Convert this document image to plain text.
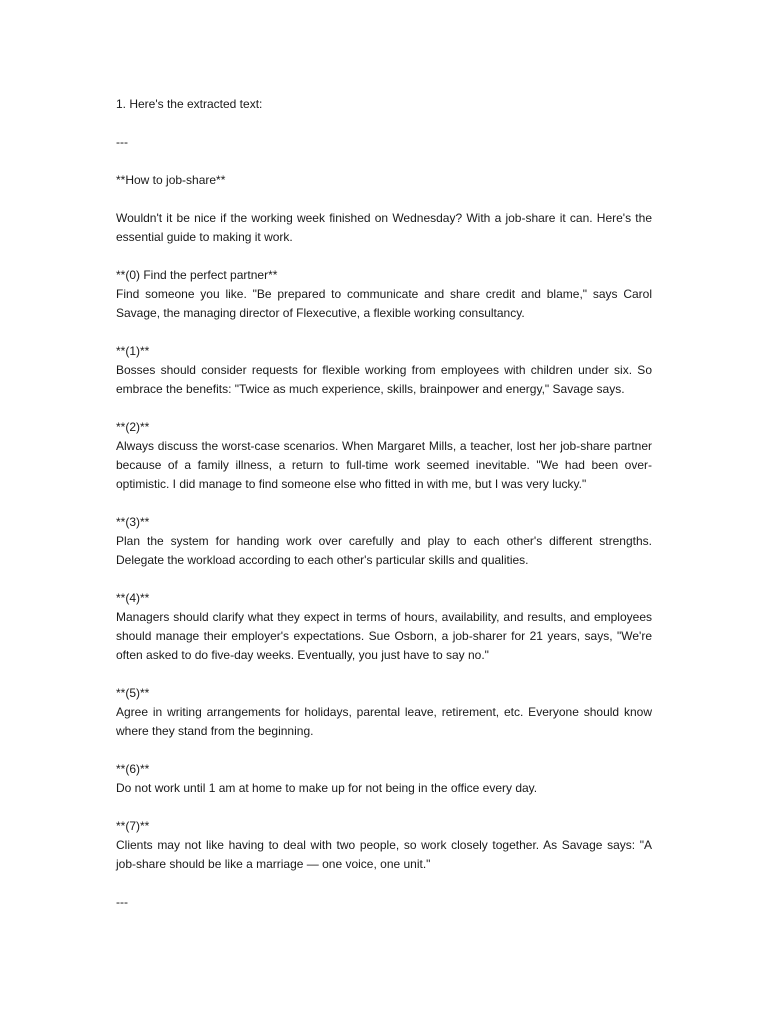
1. Here's the extracted text:

---

**How to job-share**

Wouldn't it be nice if the working week finished on Wednesday? With a job-share it can. Here's the essential guide to making it work.

**(0) Find the perfect partner**

Find someone you like. "Be prepared to communicate and share credit and blame," says Carol Savage, the managing director of Flexecutive, a flexible working consultancy.

**(1)**

Bosses should consider requests for flexible working from employees with children under six. So embrace the benefits: "Twice as much experience, skills, brainpower and energy," Savage says.

**(2)**

Always discuss the worst-case scenarios. When Margaret Mills, a teacher, lost her job-share partner because of a family illness, a return to full-time work seemed inevitable. "We had been over-optimistic. I did manage to find someone else who fitted in with me, but I was very lucky."

**(3)**

Plan the system for handing work over carefully and play to each other's different strengths. Delegate the workload according to each other's particular skills and qualities.

**(4)**

Managers should clarify what they expect in terms of hours, availability, and results, and employees should manage their employer's expectations. Sue Osborn, a job-sharer for 21 years, says, "We're often asked to do five-day weeks. Eventually, you just have to say no."

**(5)**

Agree in writing arrangements for holidays, parental leave, retirement, etc. Everyone should know where they stand from the beginning.

**(6)**

Do not work until 1 am at home to make up for not being in the office every day.

**(7)**

Clients may not like having to deal with two people, so work closely together. As Savage says: "A job-share should be like a marriage — one voice, one unit."

---
